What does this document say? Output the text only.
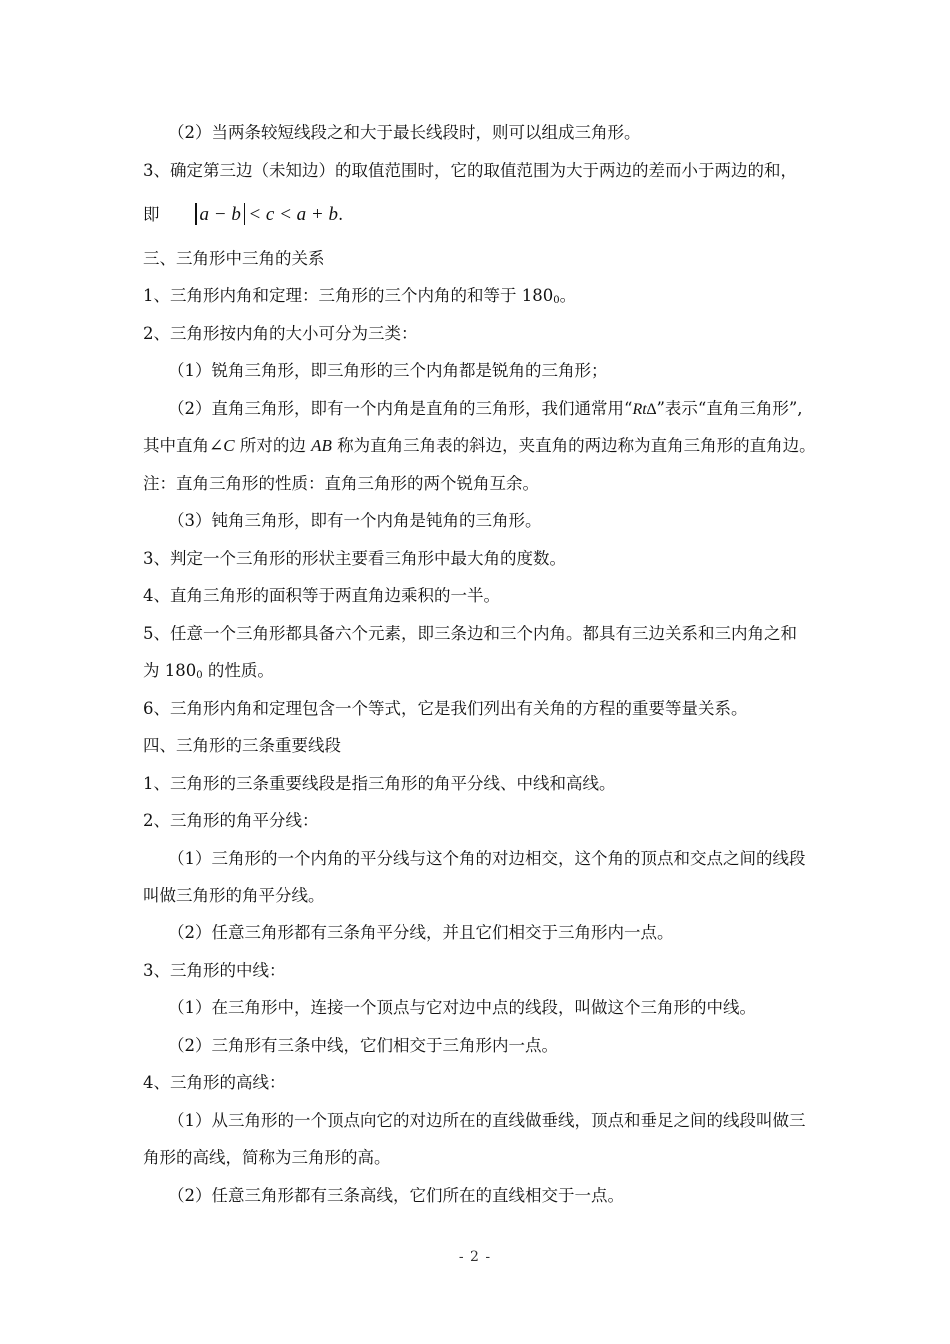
（2）当两条较短线段之和大于最长线段时，则可以组成三角形。
3、确定第三边（未知边）的取值范围时，它的取值范围为大于两边的差而小于两边的和，
即 a − b < c < a + b.
三、三角形中三角的关系
1、三角形内角和定理：三角形的三个内角的和等于 1800。
2、三角形按内角的大小可分为三类：
（1）锐角三角形，即三角形的三个内角都是锐角的三角形；
（2）直角三角形，即有一个内角是直角的三角形，我们通常用“Rt∆”表示“直角三角形”,
其中直角∠C 所对的边 AB 称为直角三角表的斜边，夹直角的两边称为直角三角形的直角边。
注：直角三角形的性质：直角三角形的两个锐角互余。
（3）钝角三角形，即有一个内角是钝角的三角形。
3、判定一个三角形的形状主要看三角形中最大角的度数。
4、直角三角形的面积等于两直角边乘积的一半。
5、任意一个三角形都具备六个元素，即三条边和三个内角。都具有三边关系和三内角之和
为 1800 的性质。
6、三角形内角和定理包含一个等式，它是我们列出有关角的方程的重要等量关系。
四、三角形的三条重要线段
1、三角形的三条重要线段是指三角形的角平分线、中线和高线。
2、三角形的角平分线：
（1）三角形的一个内角的平分线与这个角的对边相交，这个角的顶点和交点之间的线段
叫做三角形的角平分线。
（2）任意三角形都有三条角平分线，并且它们相交于三角形内一点。
3、三角形的中线：
（1）在三角形中，连接一个顶点与它对边中点的线段，叫做这个三角形的中线。
（2）三角形有三条中线，它们相交于三角形内一点。
4、三角形的高线：
（1）从三角形的一个顶点向它的对边所在的直线做垂线，顶点和垂足之间的线段叫做三
角形的高线，简称为三角形的高。
（2）任意三角形都有三条高线，它们所在的直线相交于一点。
- 2 -
